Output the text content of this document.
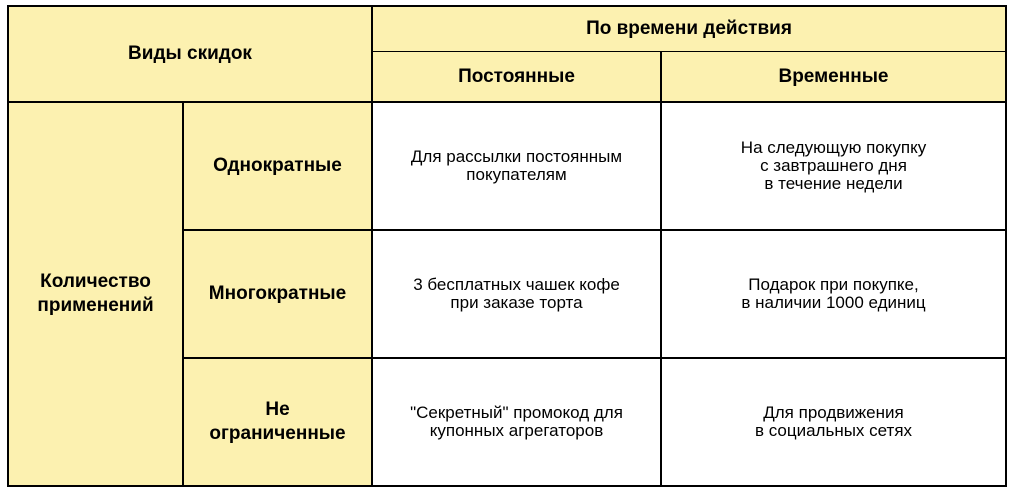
Виды скидок
По времени действия
Постоянные	Временные
Количество
применений
Однократные
Многократные
Не
ограниченные
Для рассылки постоянным
покупателям
На следующую покупку
с завтрашнего дня
в течение недели
3 бесплатных чашек кофе
при заказе торта
Подарок при покупке,
в наличии 1000 единиц
"Секретный" промокод для
купонных агрегаторов
Для продвижения
в социальных сетях
